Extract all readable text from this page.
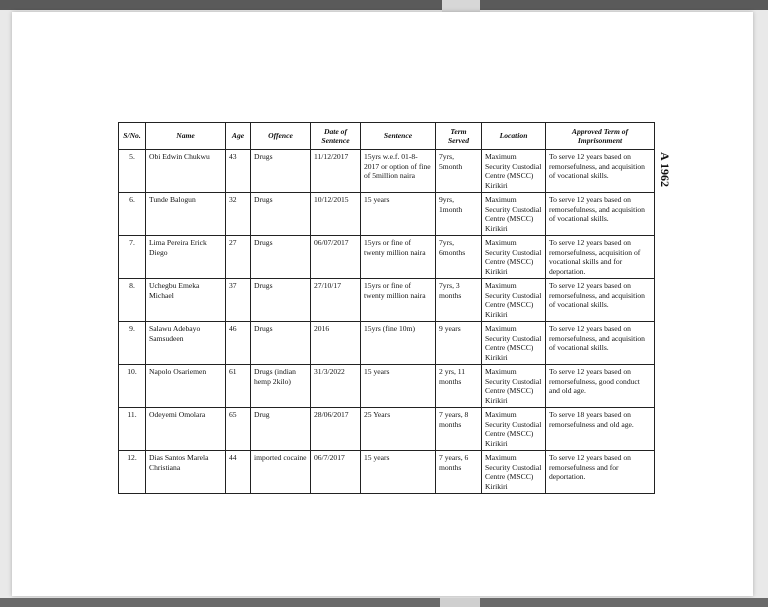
A 1962
S/No.	Name	Age	Offence	Date of Sentence	Sentence	Term Served	Location	Approved Term of Imprisonment
5.	Obi Edwin Chukwu	43	Drugs	11/12/2017	15yrs w.e.f. 01-8-2017 or option of fine of 5million naira	7yrs, 5month	Maximum Security Custodial Centre (MSCC) Kirikiri	To serve 12 years based on remorsefulness, and acquisition of vocational skills.
6.	Tunde Balogun	32	Drugs	10/12/2015	15 years	9yrs, 1month	Maximum Security Custodial Centre (MSCC) Kirikiri	To serve 12 years based on remorsefulness, and acquisition of vocational skills.
7.	Lima Pereira Erick Diego	27	Drugs	06/07/2017	15yrs or fine of twenty million naira	7yrs, 6months	Maximum Security Custodial Centre (MSCC) Kirikiri	To serve 12 years based on remorsefulness, acquisition of vocational skills and for deportation.
8.	Uchegbu Emeka Michael	37	Drugs	27/10/17	15yrs or fine of twenty million naira	7yrs, 3 months	Maximum Security Custodial Centre (MSCC) Kirikiri	To serve 12 years based on remorsefulness, and acquisition of vocational skills.
9.	Salawu Adebayo Samsudeen	46	Drugs	2016	15yrs (fine 10m)	9 years	Maximum Security Custodial Centre (MSCC) Kirikiri	To serve 12 years based on remorsefulness, and acquisition of vocational skills.
10.	Napolo Osariemen	61	Drugs (indian hemp 2kilo)	31/3/2022	15 years	2 yrs, 11 months	Maximum Security Custodial Centre (MSCC) Kirikiri	To serve 12 years based on remorsefulness, good conduct and old age.
11.	Odeyemi Omolara	65	Drug	28/06/2017	25 Years	7 years, 8 months	Maximum Security Custodial Centre (MSCC) Kirikiri	To serve 18 years based on remorsefulness and old age.
12.	Dias Santos Marela Christiana	44	imported cocaine	06/7/2017	15 years	7 years, 6 months	Maximum Security Custodial Centre (MSCC) Kirikiri	To serve 12 years based on remorsefulness and for deportation.
